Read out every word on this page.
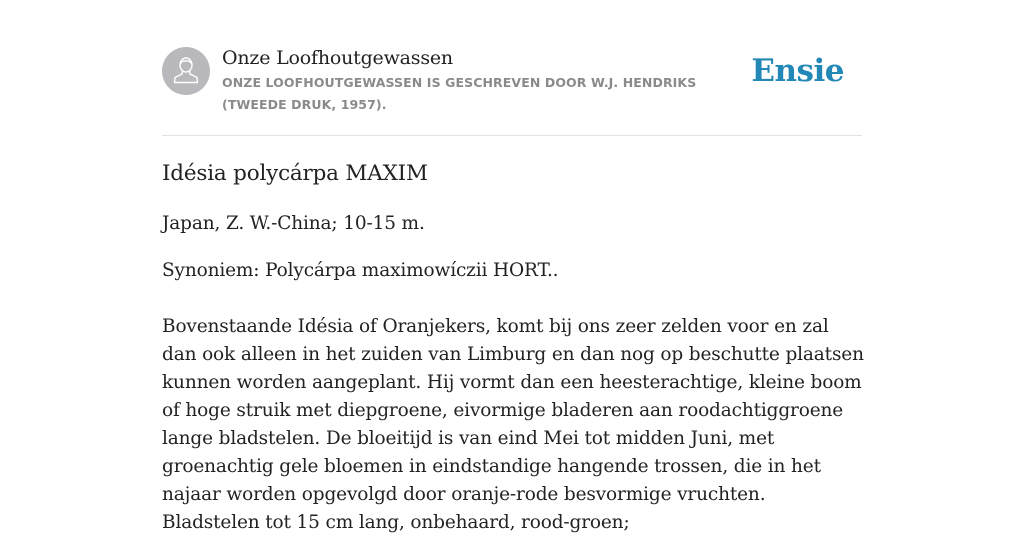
Onze Loofhoutgewassen
ONZE LOOFHOUTGEWASSEN IS GESCHREVEN DOOR W.J. HENDRIKS (TWEEDE DRUK, 1957).
Ensie
Idésia polycárpa MAXIM

Japan, Z. W.-China; 10-15 m.

Synoniem: Polycárpa maximowíczii HORT..

Bovenstaande Idésia of Oranjekers, komt bij ons zeer zelden voor en zal dan ook alleen in het zuiden van Limburg en dan nog op beschutte plaatsen kunnen worden aangeplant. Hij vormt dan een heesterachtige, kleine boom of hoge struik met diepgroene, eivormige bladeren aan roodachtiggroene lange bladstelen. De bloeitijd is van eind Mei tot midden Juni, met groenachtig gele bloemen in eindstandige hangende trossen, die in het najaar worden opgevolgd door oranje-rode besvormige vruchten. Bladstelen tot 15 cm lang, onbehaard, rood-groen;
